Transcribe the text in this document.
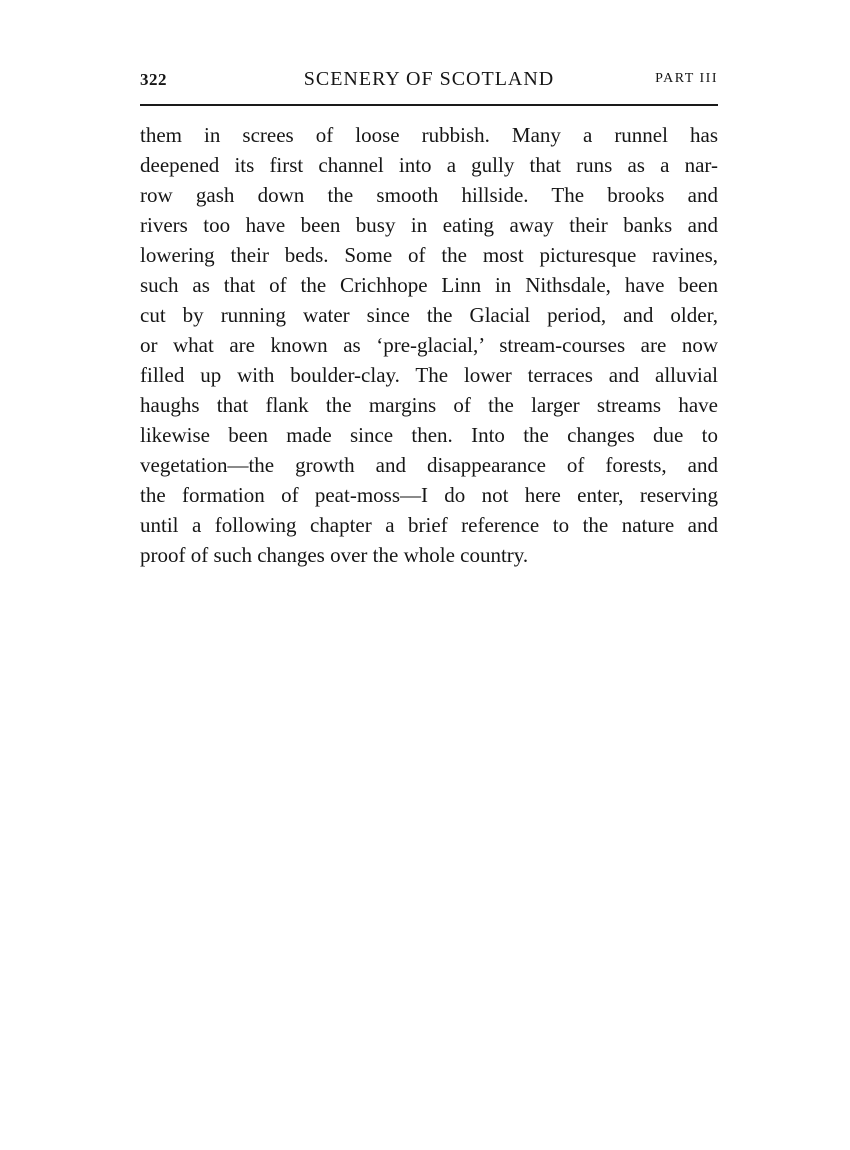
322	SCENERY OF SCOTLAND	PART III
them in screes of loose rubbish. Many a runnel has
deepened its first channel into a gully that runs as a nar-
row gash down the smooth hillside. The brooks and
rivers too have been busy in eating away their banks and
lowering their beds. Some of the most picturesque ravines,
such as that of the Crichhope Linn in Nithsdale, have been
cut by running water since the Glacial period, and older,
or what are known as ‘pre-glacial,’ stream-courses are now
filled up with boulder-clay. The lower terraces and alluvial
haughs that flank the margins of the larger streams have
likewise been made since then. Into the changes due to
vegetation—the growth and disappearance of forests, and
the formation of peat-moss—I do not here enter, reserving
until a following chapter a brief reference to the nature and
proof of such changes over the whole country.
